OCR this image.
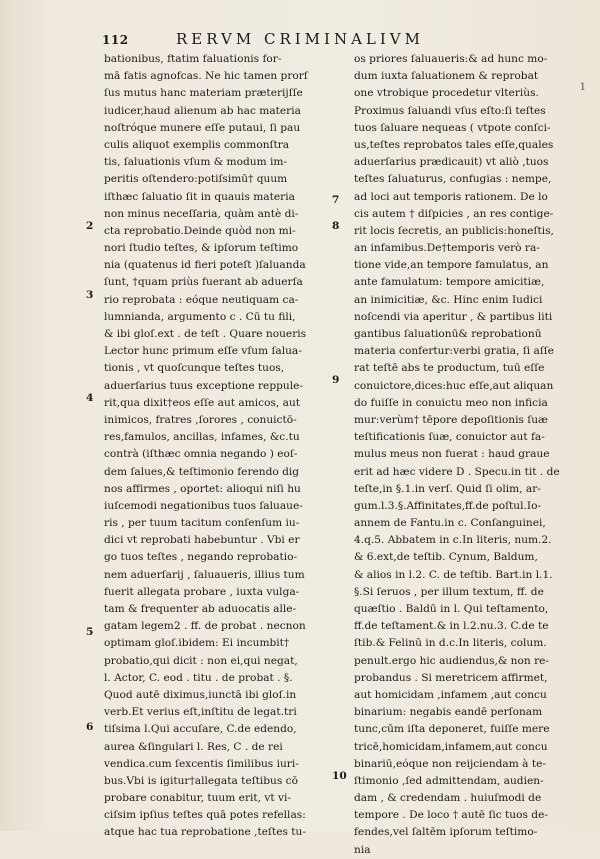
112	RERVM CRIMINALIVM
1
2
3
4
5
6
bationibus, ftatim faluationis for-
mā fatis agnofcas. Ne hic tamen prorſ
ſus mutus hanc materiam præterijſſe
iudicer,haud alienum ab hac materia
noſtróque munere eſſe putaui, ſi pau
culis aliquot exemplis commonſtra
tis, ſaluationis vſum & modum im-
peritis oſtendero:potiſsimū† quum
iſthæc ſaluatio ſit in quauis materia
non minus neceſſaria, quàm antè di-
cta reprobatio.Deinde quòd non mi-
nori ſtudio teſtes, & ipſorum teſtimo
nia (quatenus id fieri poteſt )ſaluanda
ſunt, †quam priùs fuerant ab aduerſa
rio reprobata : eóque neutiquam ca-
lumnianda, argumento c . Cū tu fili,
& ibi gloſ.ext . de teſt . Quare noueris
Lector hunc primum eſſe vſum ſalua-
tionis , vt quoſcunque teſtes tuos,
aduerſarius tuus exceptione reppule-
rit,qua dixit†eos eſſe aut amicos, aut
inimicos, fratres ,ſorores , conuictō-
res,famulos, ancillas, infames, &c.tu
contrà (iſthæc omnia negando ) eoſ-
dem ſalues,& teſtimonio ferendo dig
nos affirmes , oportet: alioqui niſi hu
iuſcemodi negationibus tuos ſaluaue-
ris , per tuum tacitum conſenſum iu-
dici vt reprobati habebuntur . Vbi er
go tuos teſtes , negando reprobatio-
nem aduerſarij , ſaluaueris, illius tum
fuerit allegata probare , iuxta vulga-
tam & frequenter ab aduocatis alle-
gatam legem2 . ff. de probat . necnon
optimam gloſ.ibidem: Ei incumbit†
probatio,qui dicit : non ei,qui negat,
l. Actor, C. eod . titu . de probat . §.
Quod autē diximus,iunctā ibi gloſ.in
verb.Et verius eſt,inſtitu de legat.tri
tiſsima l.Qui accuſare, C.de edendo,
aurea &ſingulari l. Res, C . de rei
vendica.cum ſexcentis ſimilibus iuri-
bus.Vbi is igitur†allegata teſtibus cō
probare conabitur, tuum erit, vt vi-
ciſsim ipſius teſtes quā potes refellas:
atque hac tua reprobatione ,teſtes tu-
7
8
9
10
os priores ſaluaueris:& ad hunc mo-
dum iuxta ſaluationem & reprobat
one vtrobique procedetur vlteriùs.
Proximus ſaluandi vſus eſto:ſi teſtes
tuos ſaluare nequeas ( vtpote conſci-
us,teſtes reprobatos tales eſſe,quales
aduerſarius prædicauit) vt aliò ,tuos
teſtes ſaluaturus, confugias : nempe,
ad loci aut temporis rationem. De lo
cis autem † diſpicies , an res contige-
rit locis ſecretis, an publicis:honeſtis,
an infamibus.De†temporis verò ra-
tione vide,an tempore famulatus, an
ante famulatum: tempore amicitiæ,
an inimicitiæ, &c. Hinc enim Iudici
noſcendi via aperitur , & partibus liti
gantibus ſaluationū& reprobationū
materia confertur:verbi gratia, ſi aſſe
rat teſtē abs te productum, tuū eſſe
conuictore,dices:huc eſſe,aut aliquan
do fuiſſe in conuictu meo non inficia
mur:verùm† tēpore depoſitionis ſuæ
teſtificationis ſuæ, conuictor aut fa-
mulus meus non fuerat : haud graue
erit ad hæc videre D . Specu.in tit . de
teſte,in §.1.in verſ. Quid ſi olim, ar-
gum.l.3.§.Affinitates,ff.de poſtul.Io-
annem de Fantu.in c. Conſanguinei,
4.q.5. Abbatem in c.In literis, num.2.
& 6.ext,de teſtib. Cynum, Baldum,
& alios in l.2. C. de teſtib. Bart.in l.1.
§.Si ſeruos , per illum textum, ff. de
quæſtio . Baldū in l. Qui teſtamento,
ff.de teſtament.& in l.2.nu.3. C.de te
ſtib.& Felinū in d.c.In literis, colum.
penult.ergo hic audiendus,& non re-
probandus . Si meretricem affirmet,
aut homicidam ,infamem ,aut concu
binarium: negabis eandē perſonam
tunc,cūm iſta deponeret, fuiſſe mere
tricē,homicidam,infamem,aut concu
binariū,eóque non reijciendam à te-
ſtimonio ,ſed admittendam, audien-
dam , & credendam . huiuſmodi de
tempore . De loco † autē ſic tuos de-
fendes,vel ſaltēm ipſorum teſtimo-
nia
